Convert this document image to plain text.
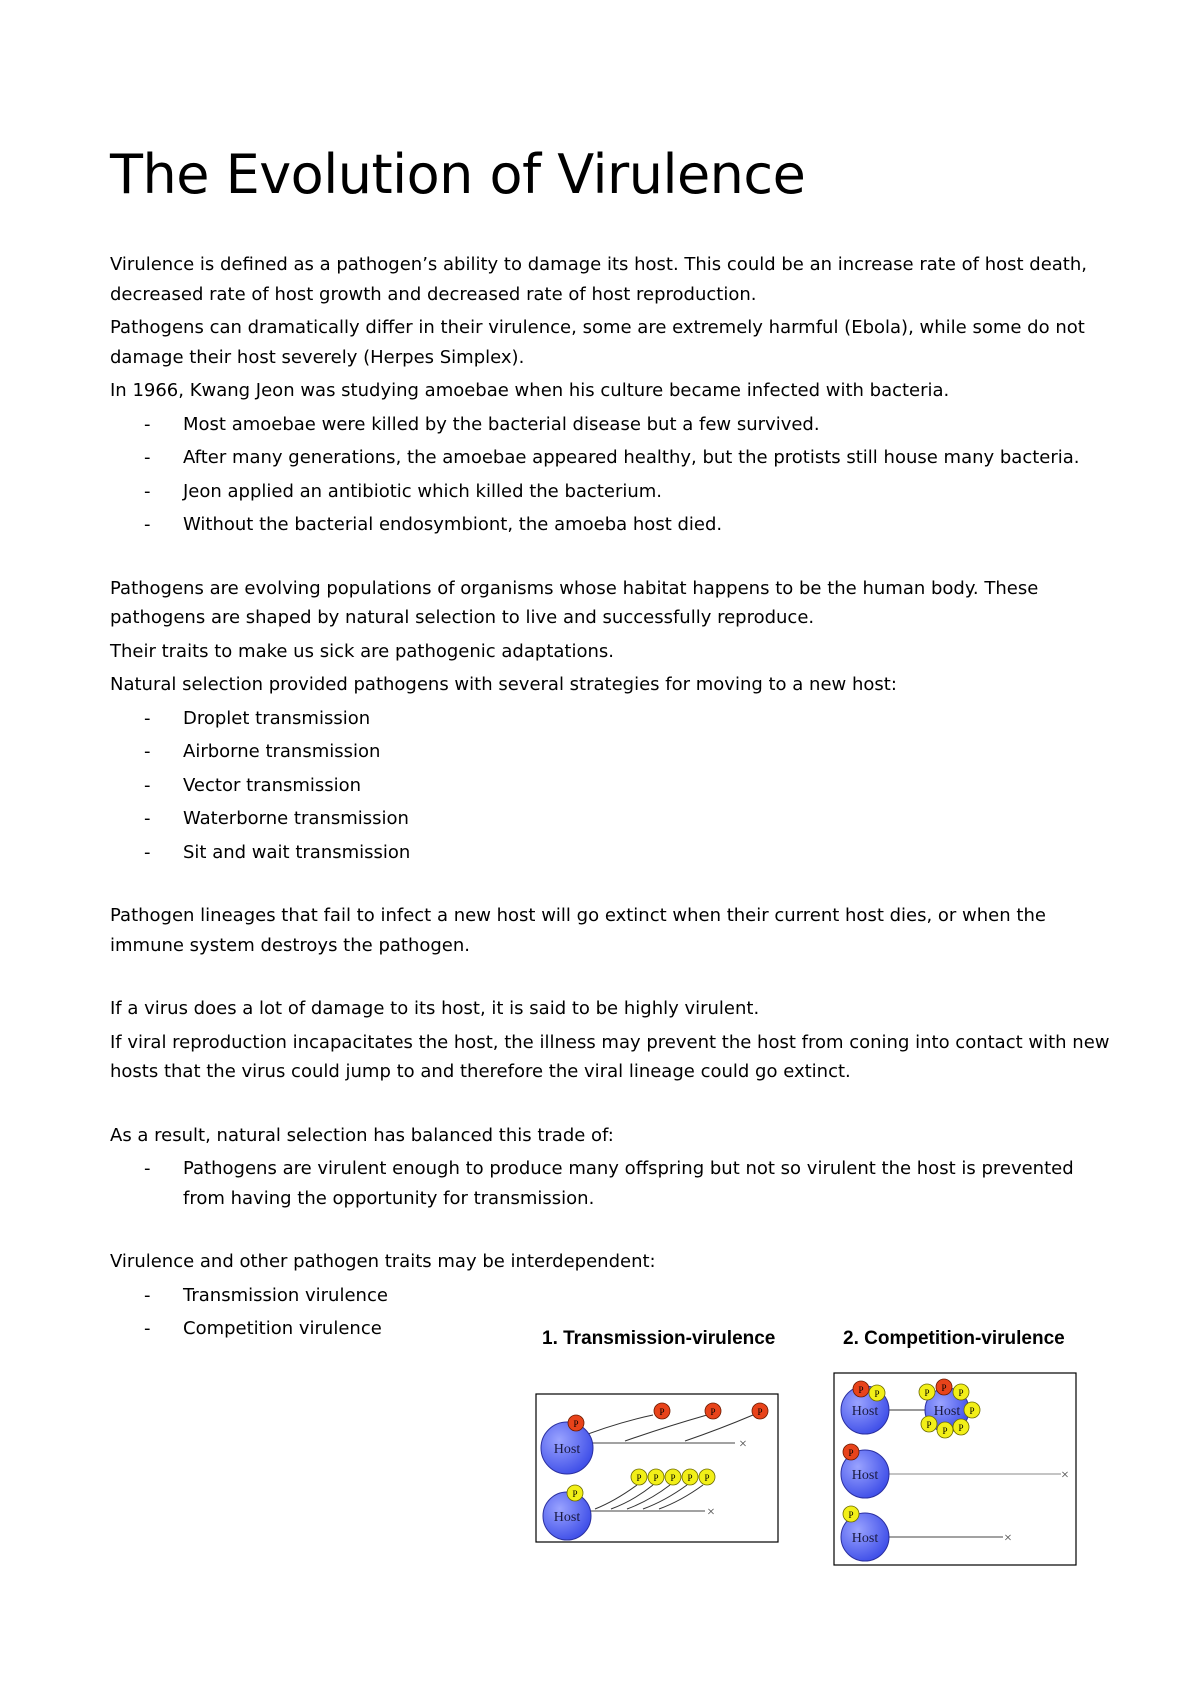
The Evolution of Virulence

Virulence is defined as a pathogen’s ability to damage its host. This could be an increase rate of host death, decreased rate of host growth and decreased rate of host reproduction.

Pathogens can dramatically differ in their virulence, some are extremely harmful (Ebola), while some do not damage their host severely (Herpes Simplex).

In 1966, Kwang Jeon was studying amoebae when his culture became infected with bacteria.

- Most amoebae were killed by the bacterial disease but a few survived.
- After many generations, the amoebae appeared healthy, but the protists still house many bacteria.
- Jeon applied an antibiotic which killed the bacterium.
- Without the bacterial endosymbiont, the amoeba host died.

Pathogens are evolving populations of organisms whose habitat happens to be the human body. These pathogens are shaped by natural selection to live and successfully reproduce.

Their traits to make us sick are pathogenic adaptations.

Natural selection provided pathogens with several strategies for moving to a new host:

- Droplet transmission
- Airborne transmission
- Vector transmission
- Waterborne transmission
- Sit and wait transmission

Pathogen lineages that fail to infect a new host will go extinct when their current host dies, or when the immune system destroys the pathogen.

If a virus does a lot of damage to its host, it is said to be highly virulent.

If viral reproduction incapacitates the host, the illness may prevent the host from coning into contact with new hosts that the virus could jump to and therefore the viral lineage could go extinct.

As a result, natural selection has balanced this trade of:

- Pathogens are virulent enough to produce many offspring but not so virulent the host is prevented from having the opportunity for transmission.

Virulence and other pathogen traits may be interdependent:

- Transmission virulence
- Competition virulence	1. Transmission-virulence
×
Host
P
P	P	P
×
Host
P
P P P P P
2. Competition-virulence
Host
P P
Host
P P P
P
P
P P
×
Host
P
×
Host
P
